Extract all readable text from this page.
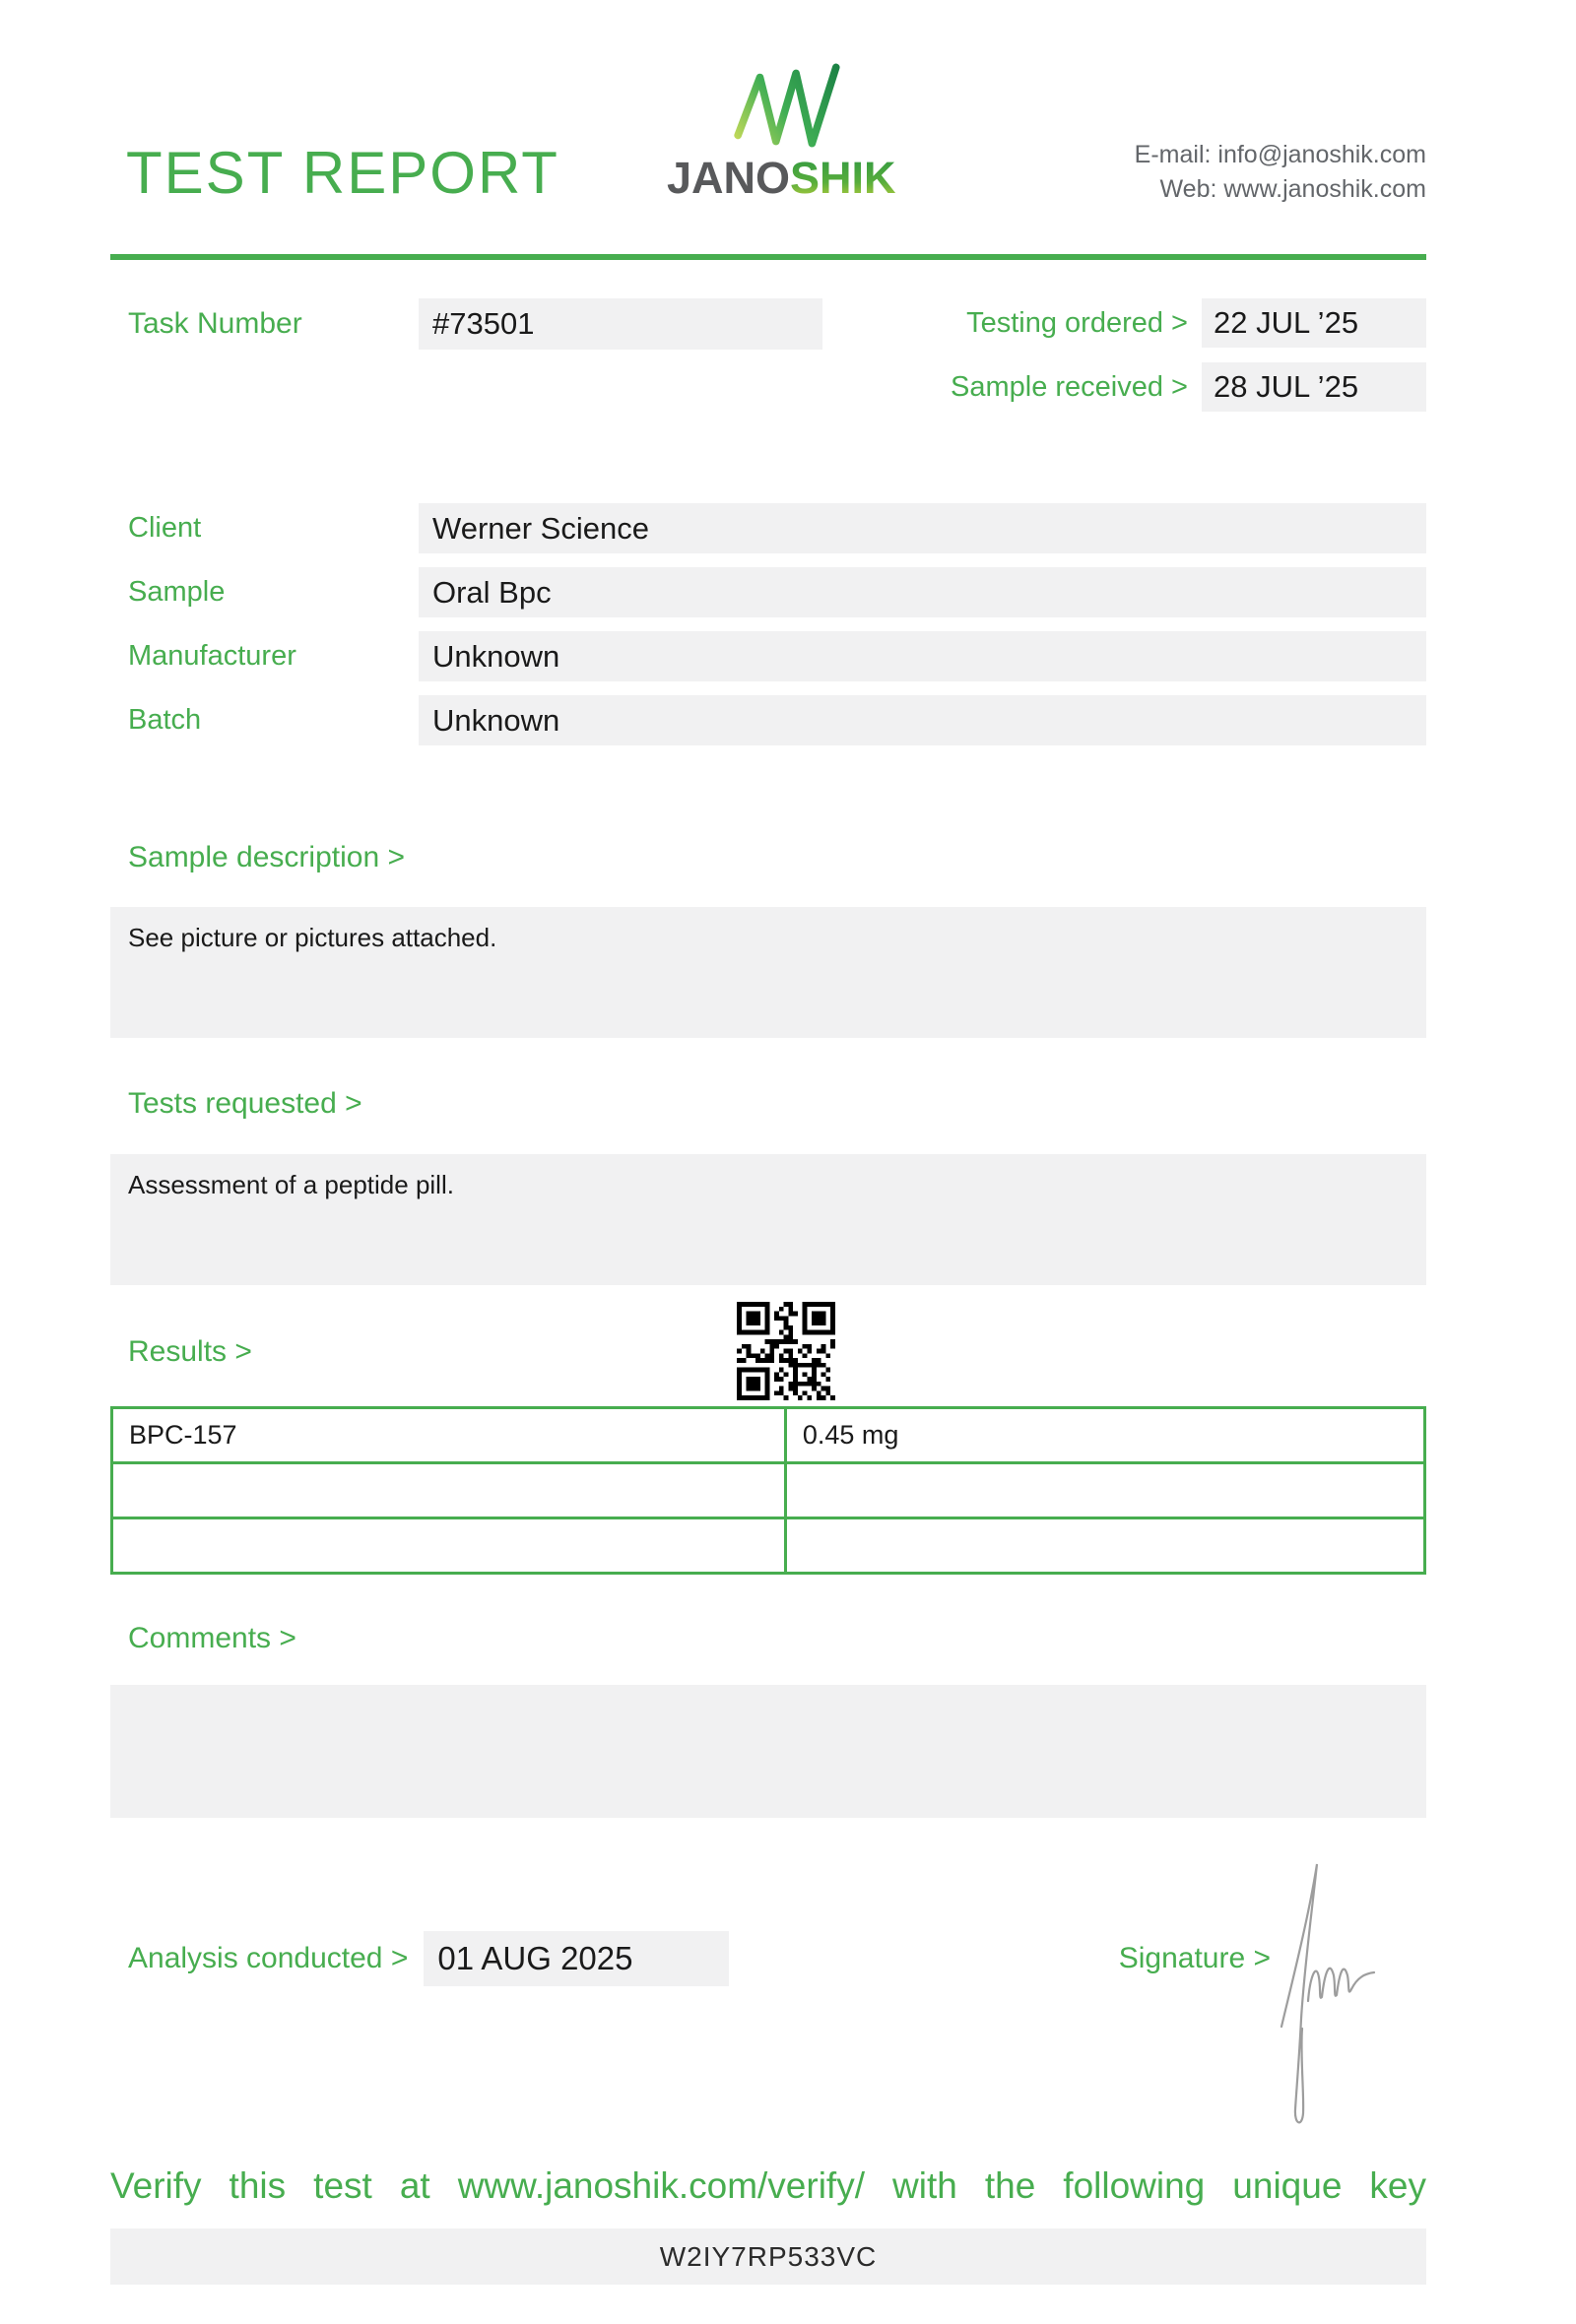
TEST REPORT JANO SHIK	E-mail: info@janoshik.com
Web: www.janoshik.com
Task Number	#73501	Testing ordered > 22 JUL ’25
Sample received > 28 JUL ’25
Client	Werner Science
Sample	Oral Bpc
Manufacturer	Unknown
Batch	Unknown
Sample description >
See picture or pictures attached.
Tests requested >
Assessment of a peptide pill.
Results >
BPC-157	0.45 mg

Comments >
Analysis conducted > 01 AUG 2025	Signature >
Verify this test at www.janoshik.com/verify/ with the following unique key
W2IY7RP533VC
